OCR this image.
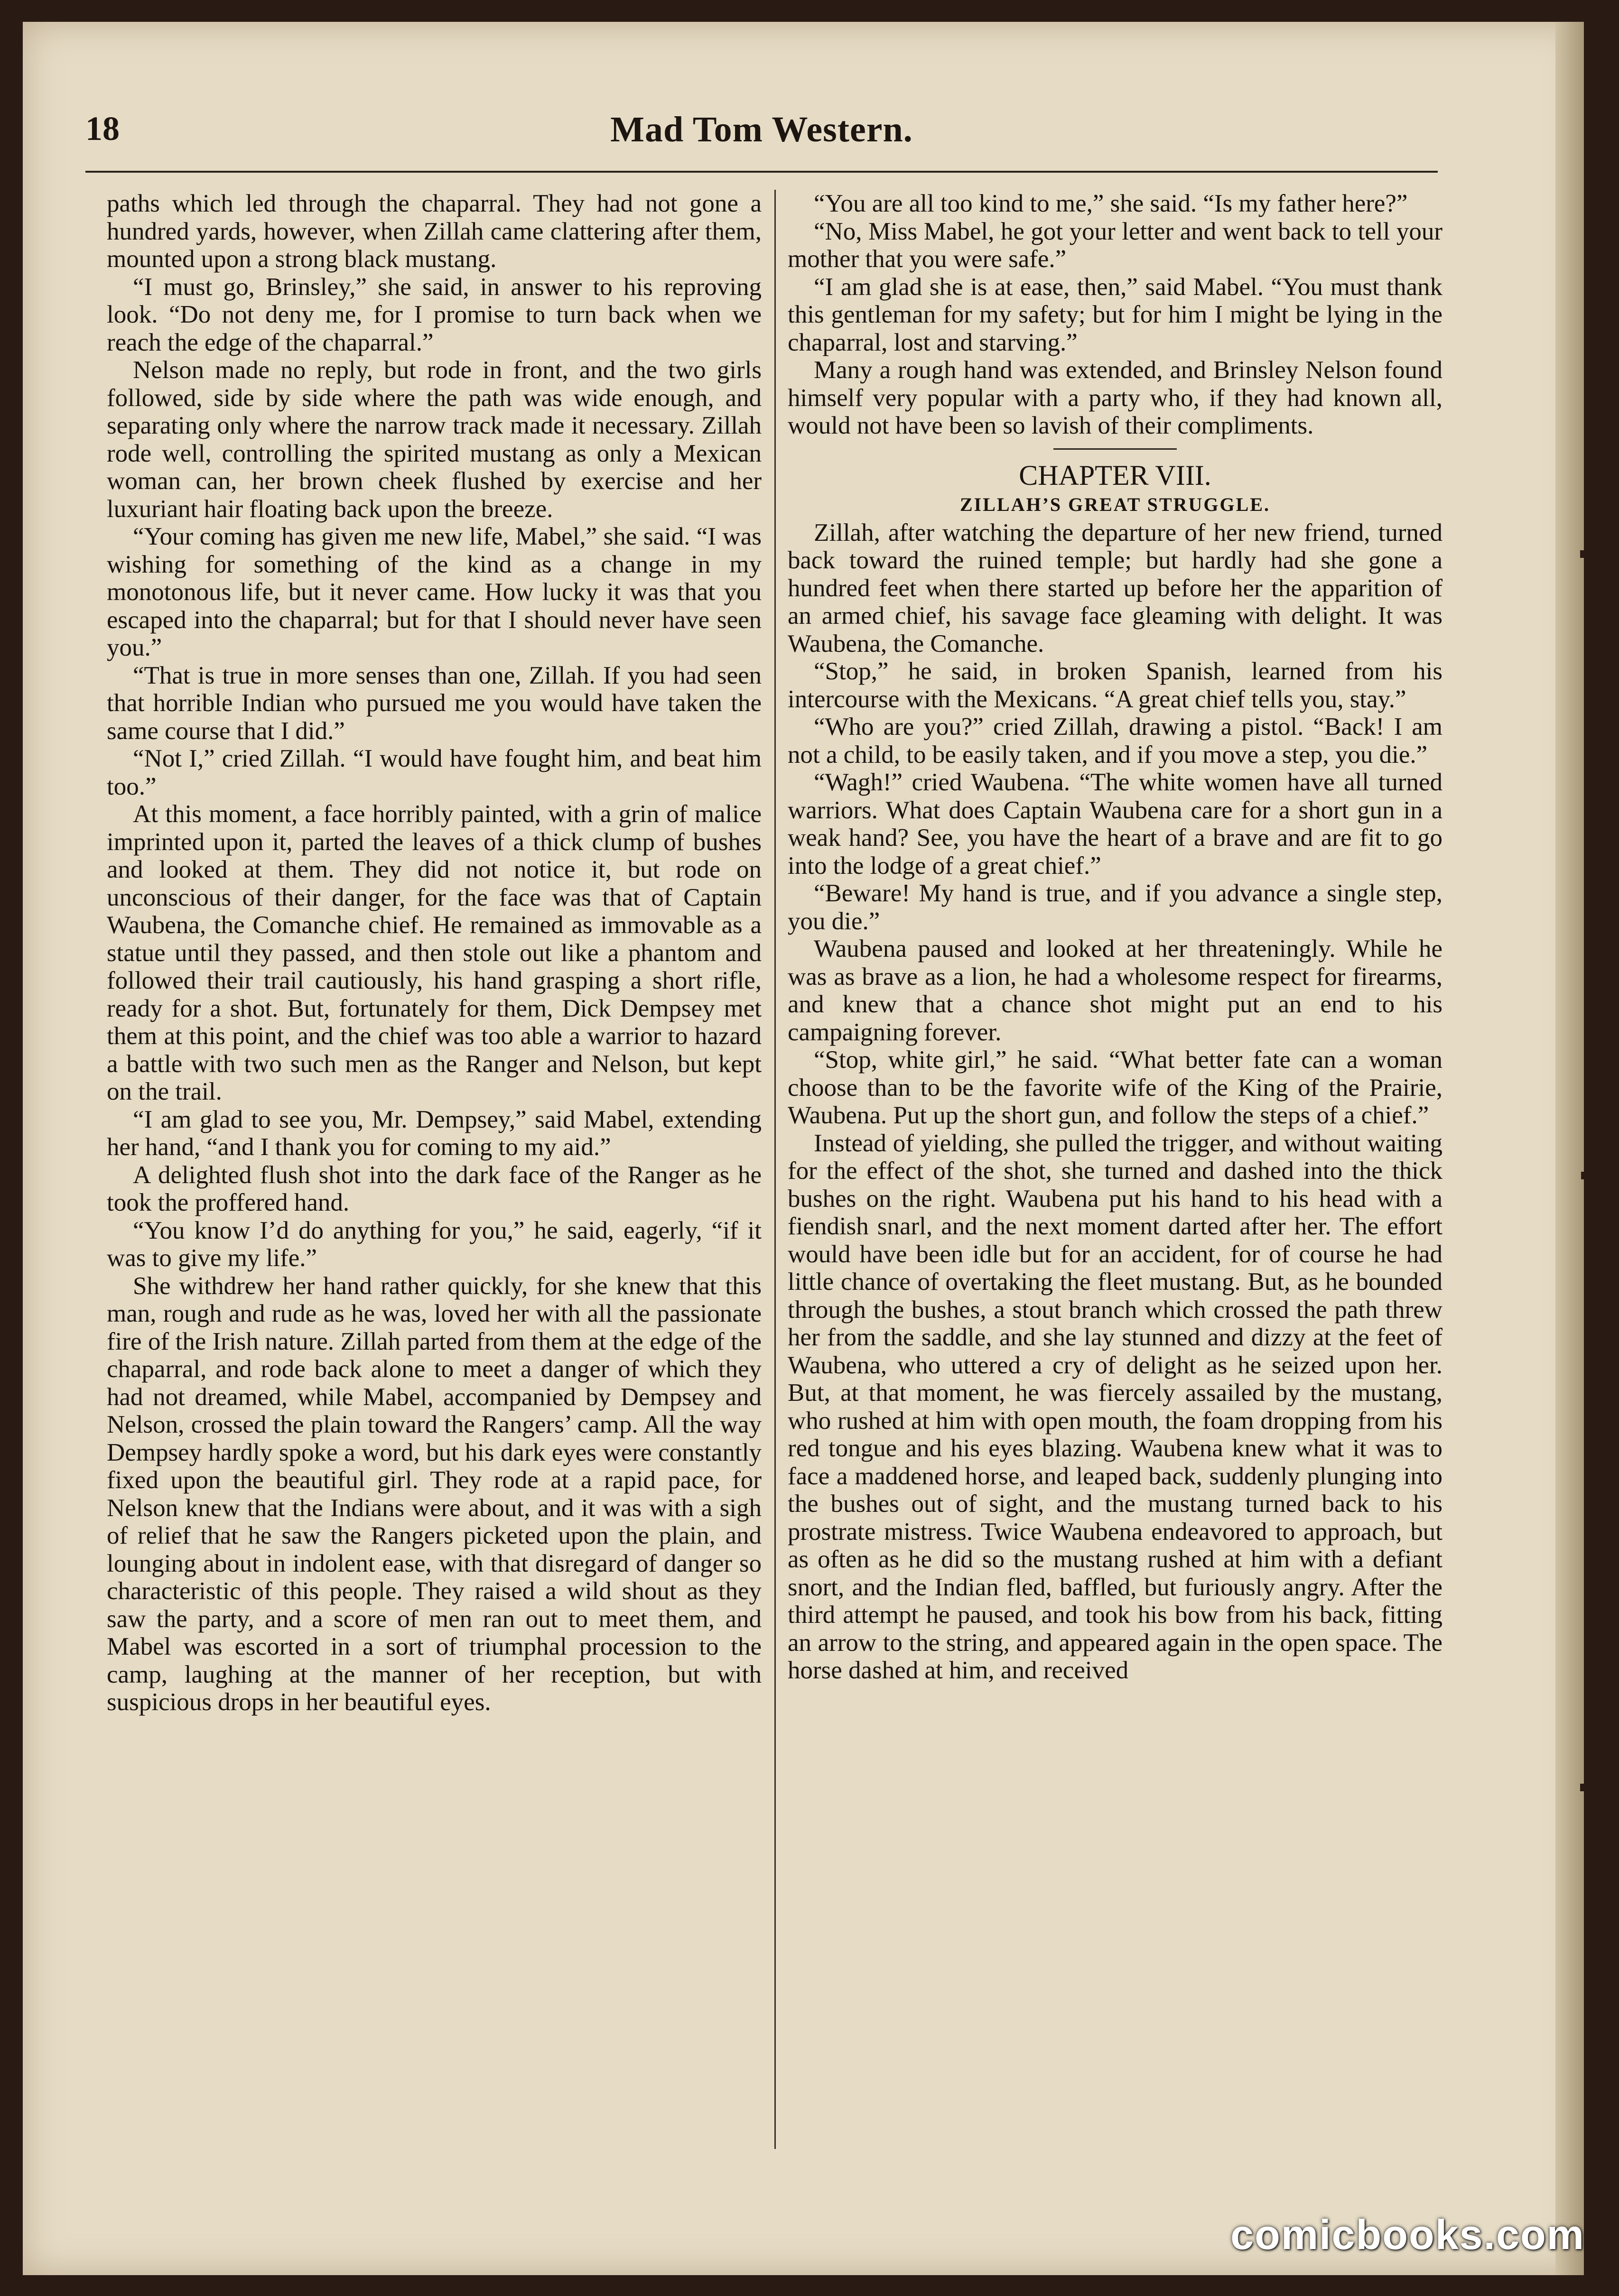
18	Mad Tom Western.

paths which led through the chaparral. They had not gone a hundred yards, however, when Zillah came clattering after them, mounted upon a strong black mustang.

“I must go, Brinsley,” she said, in answer to his reproving look. “Do not deny me, for I promise to turn back when we reach the edge of the chaparral.”

Nelson made no reply, but rode in front, and the two girls followed, side by side where the path was wide enough, and separating only where the narrow track made it necessary. Zillah rode well, controlling the spirited mustang as only a Mexican woman can, her brown cheek flushed by exercise and her luxuriant hair floating back upon the breeze.

“Your coming has given me new life, Mabel,” she said. “I was wishing for something of the kind as a change in my monotonous life, but it never came. How lucky it was that you escaped into the chaparral; but for that I should never have seen you.”

“That is true in more senses than one, Zillah. If you had seen that horrible Indian who pursued me you would have taken the same course that I did.”

“Not I,” cried Zillah. “I would have fought him, and beat him too.”

At this moment, a face horribly painted, with a grin of malice imprinted upon it, parted the leaves of a thick clump of bushes and looked at them. They did not notice it, but rode on unconscious of their danger, for the face was that of Captain Waubena, the Comanche chief. He remained as immovable as a statue until they passed, and then stole out like a phantom and followed their trail cautiously, his hand grasping a short rifle, ready for a shot. But, fortunately for them, Dick Dempsey met them at this point, and the chief was too able a warrior to hazard a battle with two such men as the Ranger and Nelson, but kept on the trail.

“I am glad to see you, Mr. Dempsey,” said Mabel, extending her hand, “and I thank you for coming to my aid.”

A delighted flush shot into the dark face of the Ranger as he took the proffered hand.

“You know I’d do anything for you,” he said, eagerly, “if it was to give my life.”

She withdrew her hand rather quickly, for she knew that this man, rough and rude as he was, loved her with all the passionate fire of the Irish nature. Zillah parted from them at the edge of the chaparral, and rode back alone to meet a danger of which they had not dreamed, while Mabel, accompanied by Dempsey and Nelson, crossed the plain toward the Rangers’ camp. All the way Dempsey hardly spoke a word, but his dark eyes were constantly fixed upon the beautiful girl. They rode at a rapid pace, for Nelson knew that the Indians were about, and it was with a sigh of relief that he saw the Rangers picketed upon the plain, and lounging about in indolent ease, with that disregard of danger so characteristic of this people. They raised a wild shout as they saw the party, and a score of men ran out to meet them, and Mabel was escorted in a sort of triumphal procession to the camp, laughing at the manner of her reception, but with suspicious drops in her beautiful eyes.

“You are all too kind to me,” she said. “Is my father here?”

“No, Miss Mabel, he got your letter and went back to tell your mother that you were safe.”

“I am glad she is at ease, then,” said Mabel. “You must thank this gentleman for my safety; but for him I might be lying in the chaparral, lost and starving.”

Many a rough hand was extended, and Brinsley Nelson found himself very popular with a party who, if they had known all, would not have been so lavish of their compliments.

CHAPTER VIII.
ZILLAH’S GREAT STRUGGLE.

Zillah, after watching the departure of her new friend, turned back toward the ruined temple; but hardly had she gone a hundred feet when there started up before her the apparition of an armed chief, his savage face gleaming with delight. It was Waubena, the Comanche.

“Stop,” he said, in broken Spanish, learned from his intercourse with the Mexicans. “A great chief tells you, stay.”

“Who are you?” cried Zillah, drawing a pistol. “Back! I am not a child, to be easily taken, and if you move a step, you die.”

“Wagh!” cried Waubena. “The white women have all turned warriors. What does Captain Waubena care for a short gun in a weak hand? See, you have the heart of a brave and are fit to go into the lodge of a great chief.”

“Beware! My hand is true, and if you advance a single step, you die.”

Waubena paused and looked at her threateningly. While he was as brave as a lion, he had a wholesome respect for firearms, and knew that a chance shot might put an end to his campaigning forever.

“Stop, white girl,” he said. “What better fate can a woman choose than to be the favorite wife of the King of the Prairie, Waubena. Put up the short gun, and follow the steps of a chief.”

Instead of yielding, she pulled the trigger, and without waiting for the effect of the shot, she turned and dashed into the thick bushes on the right. Waubena put his hand to his head with a fiendish snarl, and the next moment darted after her. The effort would have been idle but for an accident, for of course he had little chance of overtaking the fleet mustang. But, as he bounded through the bushes, a stout branch which crossed the path threw her from the saddle, and she lay stunned and dizzy at the feet of Waubena, who uttered a cry of delight as he seized upon her. But, at that moment, he was fiercely assailed by the mustang, who rushed at him with open mouth, the foam dropping from his red tongue and his eyes blazing. Waubena knew what it was to face a maddened horse, and leaped back, suddenly plunging into the bushes out of sight, and the mustang turned back to his prostrate mistress. Twice Waubena endeavored to approach, but as often as he did so the mustang rushed at him with a defiant snort, and the Indian fled, baffled, but furiously angry. After the third attempt he paused, and took his bow from his back, fitting an arrow to the string, and appeared again in the open space. The horse dashed at him, and received

comicbooks.com
